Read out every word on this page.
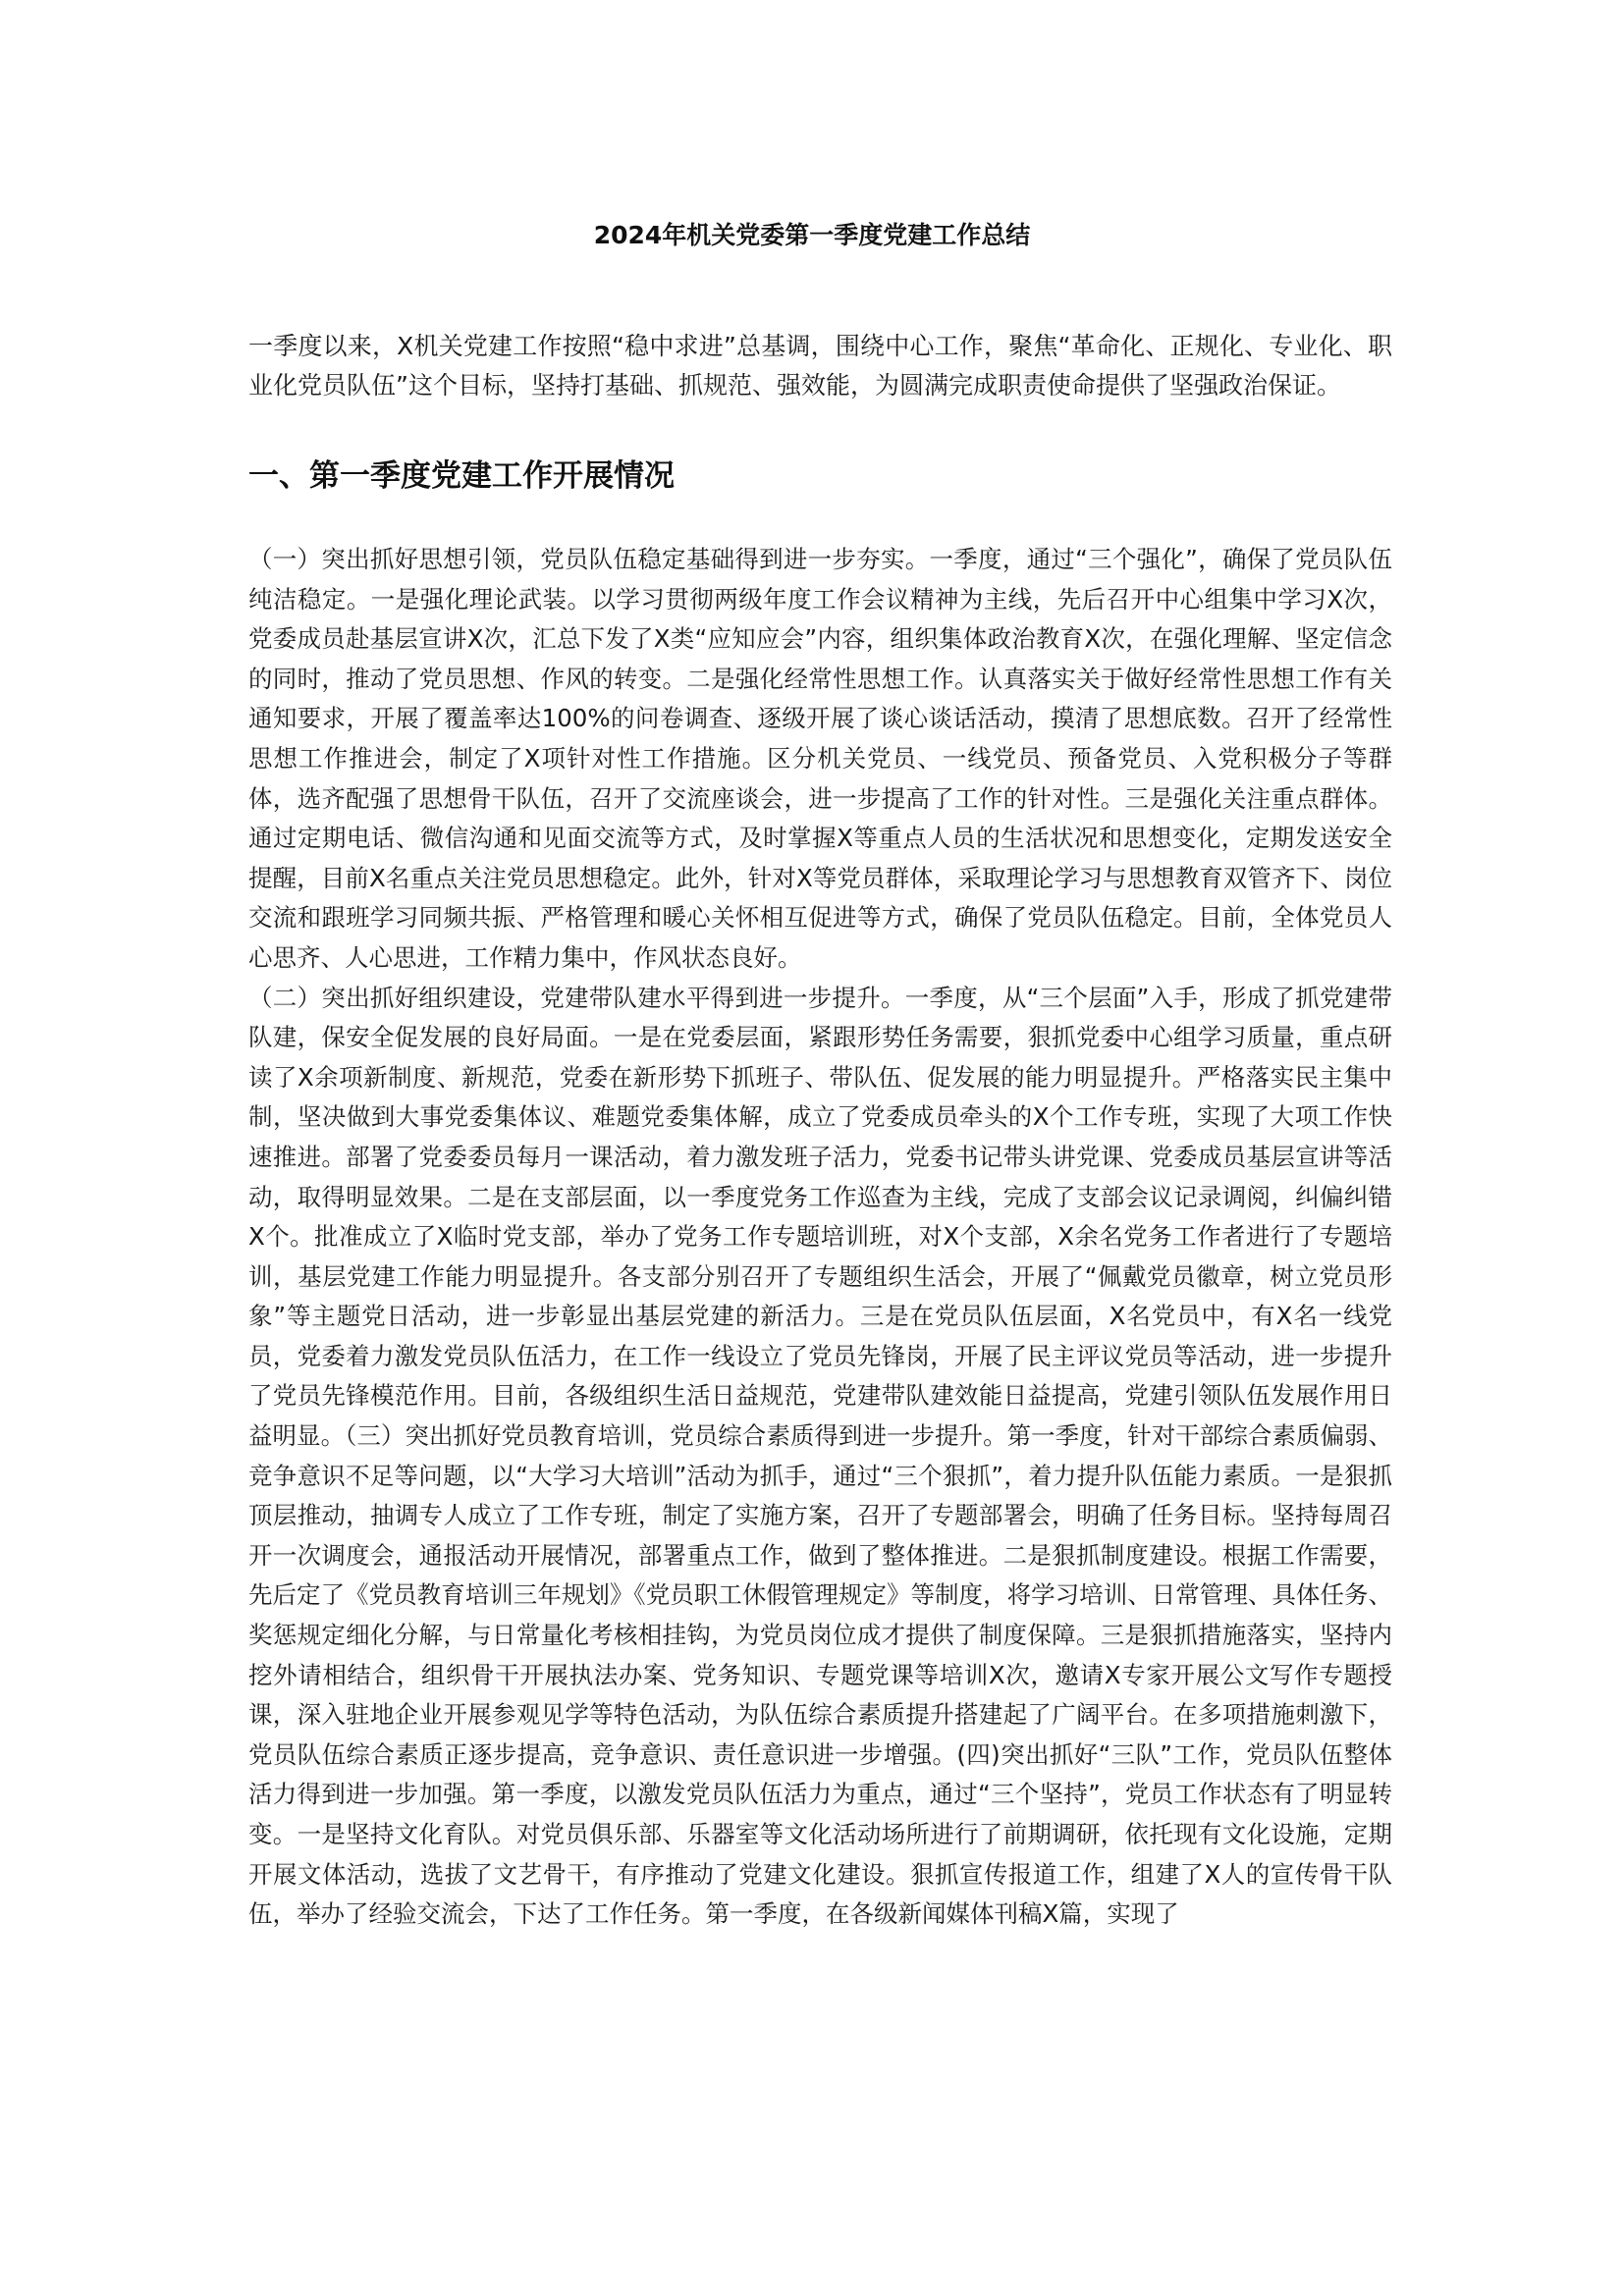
2024年机关党委第一季度党建工作总结

一季度以来，X机关党建工作按照“稳中求进”总基调，围绕中心工作，聚焦“革命化、正规化、专业化、职业化党员队伍”这个目标，坚持打基础、抓规范、强效能，为圆满完成职责使命提供了坚强政治保证。

一、第一季度党建工作开展情况

（一）突出抓好思想引领，党员队伍稳定基础得到进一步夯实。一季度，通过“三个强化”，确保了党员队伍纯洁稳定。一是强化理论武装。以学习贯彻两级年度工作会议精神为主线，先后召开中心组集中学习X次，党委成员赴基层宣讲X次，汇总下发了X类“应知应会”内容，组织集体政治教育X次，在强化理解、坚定信念的同时，推动了党员思想、作风的转变。二是强化经常性思想工作。认真落实关于做好经常性思想工作有关通知要求，开展了覆盖率达100%的问卷调查、逐级开展了谈心谈话活动，摸清了思想底数。召开了经常性思想工作推进会，制定了X项针对性工作措施。区分机关党员、一线党员、预备党员、入党积极分子等群体，选齐配强了思想骨干队伍，召开了交流座谈会，进一步提高了工作的针对性。三是强化关注重点群体。通过定期电话、微信沟通和见面交流等方式，及时掌握X等重点人员的生活状况和思想变化，定期发送安全提醒，目前X名重点关注党员思想稳定。此外，针对X等党员群体，采取理论学习与思想教育双管齐下、岗位交流和跟班学习同频共振、严格管理和暖心关怀相互促进等方式，确保了党员队伍稳定。目前，全体党员人心思齐、人心思进，工作精力集中，作风状态良好。

（二）突出抓好组织建设，党建带队建水平得到进一步提升。一季度，从“三个层面”入手，形成了抓党建带队建，保安全促发展的良好局面。一是在党委层面，紧跟形势任务需要，狠抓党委中心组学习质量，重点研读了X余项新制度、新规范，党委在新形势下抓班子、带队伍、促发展的能力明显提升。严格落实民主集中制，坚决做到大事党委集体议、难题党委集体解，成立了党委成员牵头的X个工作专班，实现了大项工作快速推进。部署了党委委员每月一课活动，着力激发班子活力，党委书记带头讲党课、党委成员基层宣讲等活动，取得明显效果。二是在支部层面，以一季度党务工作巡查为主线，完成了支部会议记录调阅，纠偏纠错X个。批准成立了X临时党支部，举办了党务工作专题培训班，对X个支部，X余名党务工作者进行了专题培训，基层党建工作能力明显提升。各支部分别召开了专题组织生活会，开展了“佩戴党员徽章，树立党员形象”等主题党日活动，进一步彰显出基层党建的新活力。三是在党员队伍层面，X名党员中，有X名一线党员，党委着力激发党员队伍活力，在工作一线设立了党员先锋岗，开展了民主评议党员等活动，进一步提升了党员先锋模范作用。目前，各级组织生活日益规范，党建带队建效能日益提高，党建引领队伍发展作用日益明显。（三）突出抓好党员教育培训，党员综合素质得到进一步提升。第一季度，针对干部综合素质偏弱、竞争意识不足等问题，以“大学习大培训”活动为抓手，通过“三个狠抓”，着力提升队伍能力素质。一是狠抓顶层推动，抽调专人成立了工作专班，制定了实施方案，召开了专题部署会，明确了任务目标。坚持每周召开一次调度会，通报活动开展情况，部署重点工作，做到了整体推进。二是狠抓制度建设。根据工作需要，先后定了《党员教育培训三年规划》《党员职工休假管理规定》等制度，将学习培训、日常管理、具体任务、奖惩规定细化分解，与日常量化考核相挂钩，为党员岗位成才提供了制度保障。三是狠抓措施落实，坚持内挖外请相结合，组织骨干开展执法办案、党务知识、专题党课等培训X次，邀请X专家开展公文写作专题授课，深入驻地企业开展参观见学等特色活动，为队伍综合素质提升搭建起了广阔平台。在多项措施刺激下，党员队伍综合素质正逐步提高，竞争意识、责任意识进一步增强。(四)突出抓好“三队”工作，党员队伍整体活力得到进一步加强。第一季度，以激发党员队伍活力为重点，通过“三个坚持”，党员工作状态有了明显转变。一是坚持文化育队。对党员俱乐部、乐器室等文化活动场所进行了前期调研，依托现有文化设施，定期开展文体活动，选拔了文艺骨干，有序推动了党建文化建设。狠抓宣传报道工作，组建了X人的宣传骨干队伍，举办了经验交流会，下达了工作任务。第一季度，在各级新闻媒体刊稿X篇，实现了
